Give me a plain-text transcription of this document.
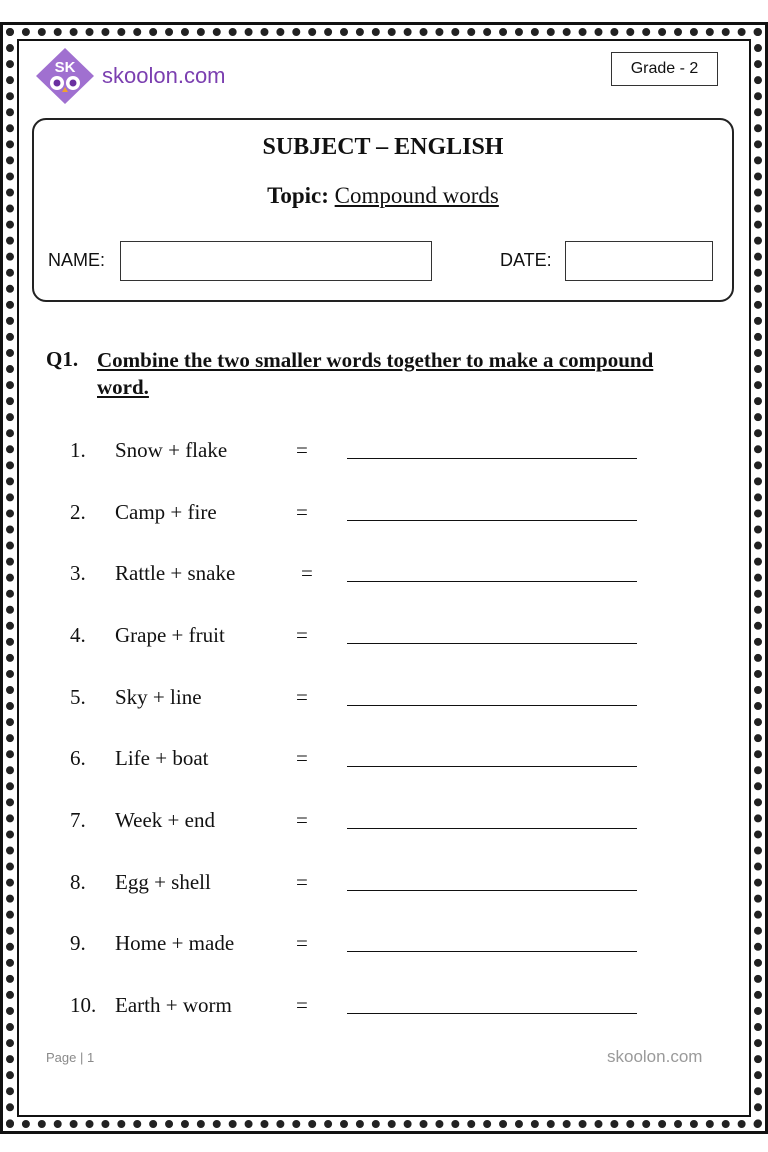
SK skoolon.com	Grade - 2
SUBJECT – ENGLISH
Topic: Compound words
NAME:	DATE:
Q1. Combine the two smaller words together to make a compound word.
1. Snow + flake	=
2. Camp + fire	=
3. Rattle + snake	=
4. Grape + fruit	=
5. Sky + line	=
6. Life + boat	=
7. Week + end	=
8. Egg + shell	=
9. Home + made	=
10. Earth + worm	=
Page | 1	skoolon.com
